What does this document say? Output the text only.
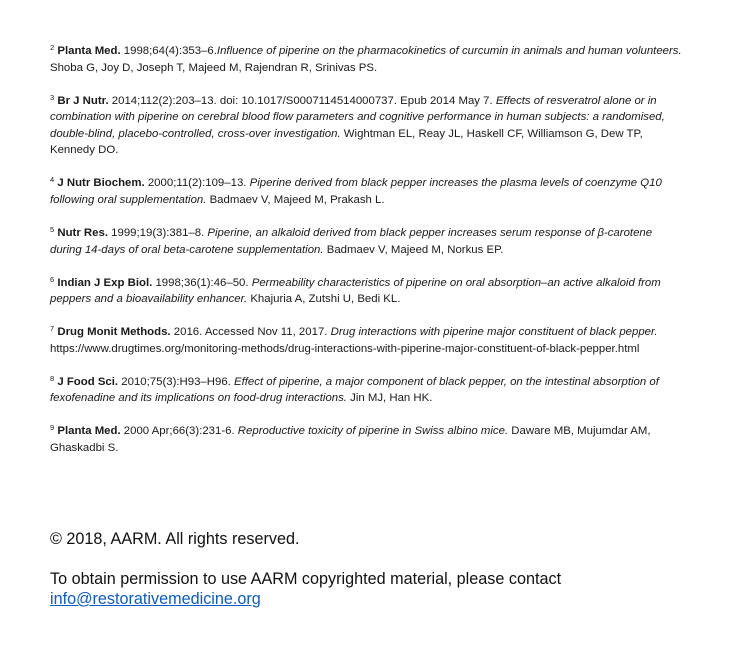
$^2$ Planta Med. 1998;64(4):353–6.Influence of piperine on the pharmacokinetics of curcumin in animals and human volunteers. Shoba G, Joy D, Joseph T, Majeed M, Rajendran R, Srinivas PS.

$^3$ Br J Nutr. 2014;112(2):203–13. doi: 10.1017/S0007114514000737. Epub 2014 May 7. Effects of resveratrol alone or in combination with piperine on cerebral blood flow parameters and cognitive performance in human subjects: a randomised, double-blind, placebo-controlled, cross-over investigation. Wightman EL, Reay JL, Haskell CF, Williamson G, Dew TP, Kennedy DO.

$^4$ J Nutr Biochem. 2000;11(2):109–13. Piperine derived from black pepper increases the plasma levels of coenzyme Q10 following oral supplementation. Badmaev V, Majeed M, Prakash L.

$^5$ Nutr Res. 1999;19(3):381–8. Piperine, an alkaloid derived from black pepper increases serum response of β-carotene during 14-days of oral beta-carotene supplementation. Badmaev V, Majeed M, Norkus EP.

$^6$ Indian J Exp Biol. 1998;36(1):46–50. Permeability characteristics of piperine on oral absorption–an active alkaloid from peppers and a bioavailability enhancer. Khajuria A, Zutshi U, Bedi KL.

$^7$ Drug Monit Methods. 2016. Accessed Nov 11, 2017. Drug interactions with piperine major constituent of black pepper. https://www.drugtimes.org/monitoring-methods/drug-interactions-with-piperine-major-constituent-of-black-pepper.html

$^8$ J Food Sci. 2010;75(3):H93–H96. Effect of piperine, a major component of black pepper, on the intestinal absorption of fexofenadine and its implications on food-drug interactions. Jin MJ, Han HK.

$^9$ Planta Med. 2000 Apr;66(3):231-6. Reproductive toxicity of piperine in Swiss albino mice. Daware MB, Mujumdar AM, Ghaskadbi S.

© 2018, AARM. All rights reserved.

To obtain permission to use AARM copyrighted material, please contact
info@restorativemedicine.org
